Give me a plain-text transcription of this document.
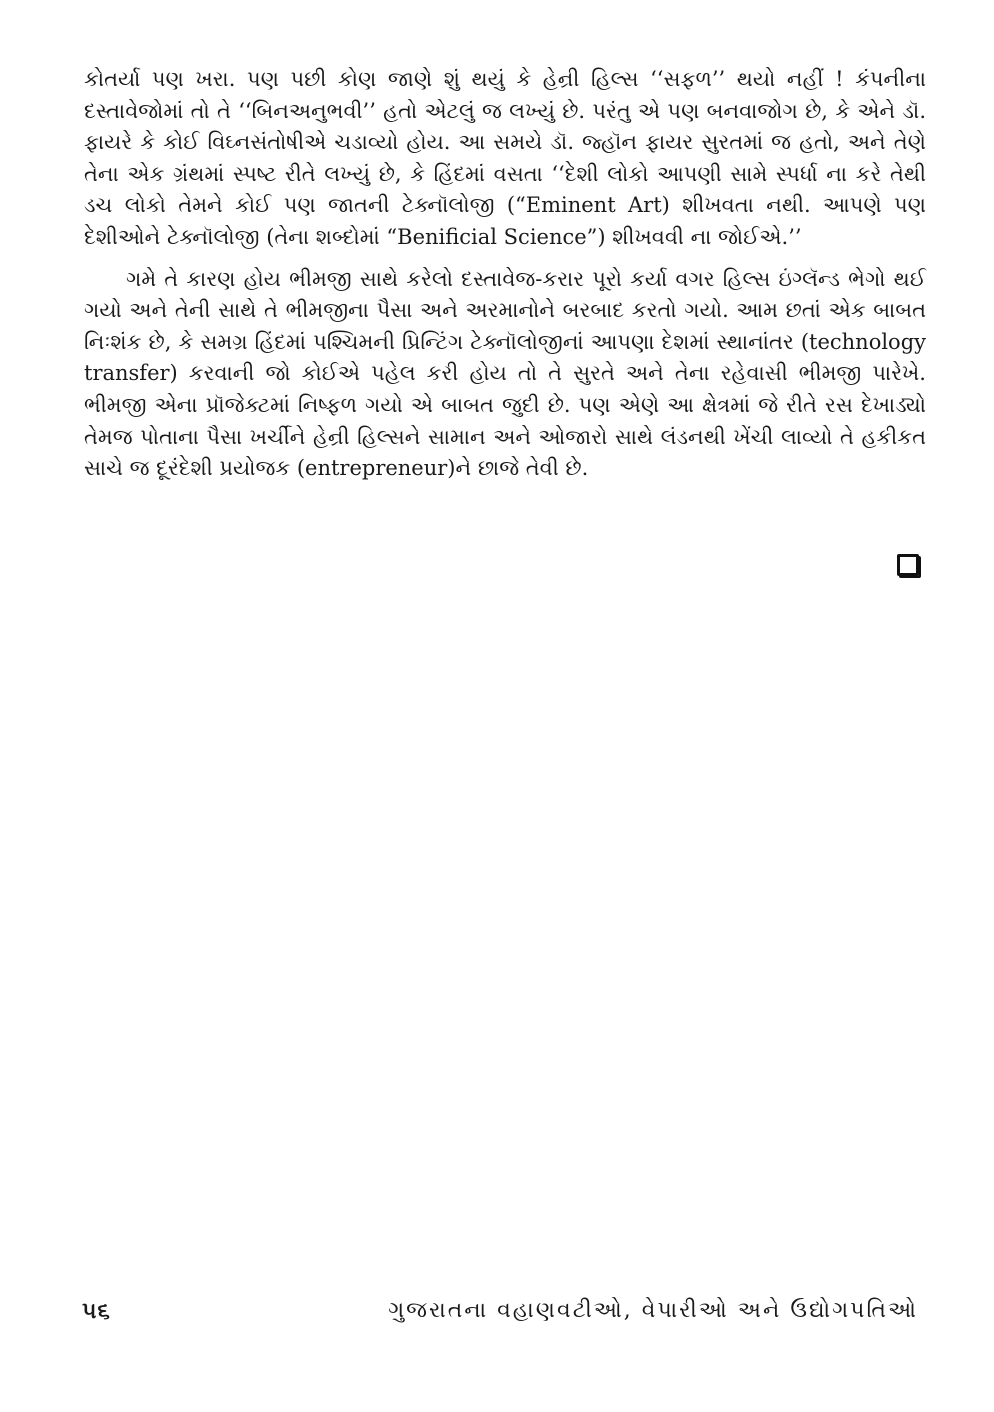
કોતર્યા પણ ખરા. પણ પછી કોણ જાણે શું થયું કે હેન્રી હિલ્સ ‘‘સફળ’’ થયો નહીં ! કંપનીના દસ્તાવેજોમાં તો તે ‘‘બિનઅનુભવી’’ હતો એટલું જ લખ્યું છે. પરંતુ એ પણ બનવાજોગ છે, કે એને ડૉ. ફાયરે કે કોઈ વિઘ્નસંતોષીએ ચડાવ્યો હોય. આ સમયે ડૉ. જ્હૉન ફાયર સુરતમાં જ હતો, અને તેણે તેના એક ગ્રંથમાં સ્પષ્ટ રીતે લખ્યું છે, કે હિંદમાં વસતા ‘‘દેશી લોકો આપણી સામે સ્પર્ધા ના કરે તેથી ડચ લોકો તેમને કોઈ પણ જાતની ટેક્નૉલોજી (“Eminent Art) શીખવતા નથી. આપણે પણ દેશીઓને ટેક્નૉલોજી (તેના શબ્દોમાં “Benificial Science”) શીખવવી ના જોઈએ.’’

ગમે તે કારણ હોય ભીમજી સાથે કરેલો દસ્તાવેજ-કરાર પૂરો કર્યા વગર હિલ્સ ઇંગ્લૅન્ડ ભેગો થઈ ગયો અને તેની સાથે તે ભીમજીના પૈસા અને અરમાનોને બરબાદ કરતો ગયો. આમ છતાં એક બાબત નિઃશંક છે, કે સમગ્ર હિંદમાં પશ્ચિમની પ્રિન્ટિંગ ટેક્નૉલોજીનાં આપણા દેશમાં સ્થાનાંતર (technology transfer) કરવાની જો કોઈએ પહેલ કરી હોય તો તે સુરતે અને તેના રહેવાસી ભીમજી પારેખે. ભીમજી એના પ્રૉજેક્ટમાં નિષ્ફળ ગયો એ બાબત જુદી છે. પણ એણે આ ક્ષેત્રમાં જે રીતે રસ દેખાડ્યો તેમજ પોતાના પૈસા ખર્ચીને હેન્રી હિલ્સને સામાન અને ઓજારો સાથે લંડનથી ખેંચી લાવ્યો તે હકીકત સાચે જ દૂરંદેશી પ્રયોજક (entrepreneur)ને છાજે તેવી છે.

૫૬	ગુજરાતના વહાણવટીઓ, વેપારીઓ અને ઉદ્યોગપતિઓ
